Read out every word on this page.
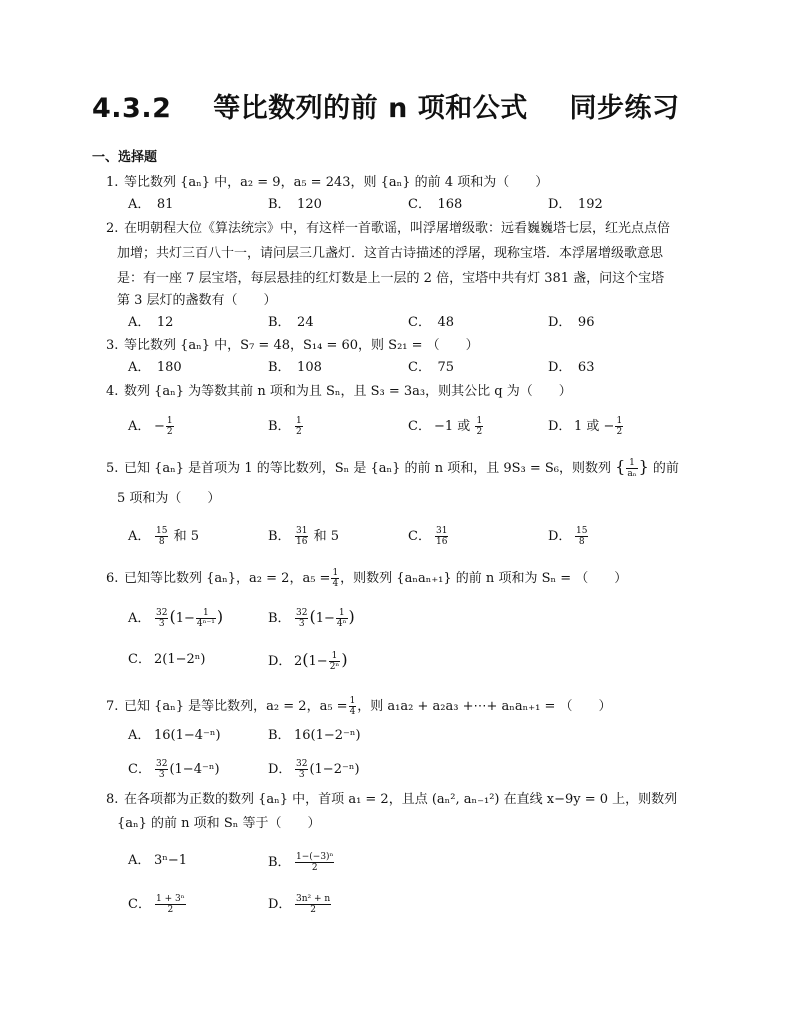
4.3.2 等比数列的前 n 项和公式 同步练习
一、选择题
1. 等比数列 {aₙ} 中，a₂ = 9，a₅ = 243，则 {aₙ} 的前 4 项和为（　　）
A．　81	B．　120	C．　168	D．　192
2. 在明朝程大位《算法统宗》中，有这样一首歌谣，叫浮屠增级歌：远看巍巍塔七层，红光点点倍
加增；共灯三百八十一，请问层三几盏灯．这首古诗描述的浮屠，现称宝塔．本浮屠增级歌意思
是：有一座 7 层宝塔，每层悬挂的红灯数是上一层的 2 倍，宝塔中共有灯 381 盏，问这个宝塔
第 3 层灯的盏数有（　　）
A．　12	B．　24	C．　48	D．　96
3. 等比数列 {aₙ} 中，S₇ = 48，S₁₄ = 60，则 S₂₁ = （　　）
A．　180	B．　108	C．　75	D．　63
4. 数列 {aₙ} 为等数其前 n 项和为且 Sₙ，且 S₃ = 3a₃，则其公比 q 为（　　）
A． − $\frac{1}{2}$	B． $\frac{1}{2}$	C． −1 或 $\frac{1}{2}$	D． 1 或 − $\frac{1}{2}$
5. 已知 {aₙ} 是首项为 1 的等比数列，Sₙ 是 {aₙ} 的前 n 项和，且 9S₃ = S₆，则数列 { $\frac{1}{\text{aₙ}}$ } 的前
5 项和为（　　）
A． $\frac{15}{8}$ 和 5	B． $\frac{31}{16}$ 和 5	C． $\frac{31}{16}$	D． $\frac{15}{8}$
6. 已知等比数列 {aₙ}，a₂ = 2，$a_5 = \frac{1}{4}$ ，则数列 {aₙaₙ₊₁} 的前 n 项和为 Sₙ = （　　）
A． $\frac{32}{3} (1- \frac{1}{\text{4ⁿ⁻¹}}$ )	B． $\frac{32}{3} (1- \frac{1}{\text{4ⁿ}}$ )
C． 2(1−2ⁿ)	D． $2(1- \frac{1}{\text{2ⁿ}}$ )
7. 已知 {aₙ} 是等比数列，a₂ = 2，$a_5 = \frac{1}{4}$ ，则 a₁a₂ + a₂a₃ +⋯+ aₙaₙ₊₁ = （　　）
A． 16(1−4⁻ⁿ)	B． 16(1−2⁻ⁿ)
C． $\frac{32}{3} (1-4^{-n})$	D． $\frac{32}{3} (1-2^{-n})$
8. 在各项都为正数的数列 {aₙ} 中，首项 a₁ = 2，且点 (aₙ², aₙ₋₁²) 在直线 x−9y = 0 上，则数列
{aₙ} 的前 n 项和 Sₙ 等于（　　）
A． 3ⁿ−1	B． $\frac{\text{1−(−3)ⁿ}}{2}$
C． $\frac{\text{1 + 3ⁿ}}{2}$	D． $\frac{\text{3n² + n}}{2}$
